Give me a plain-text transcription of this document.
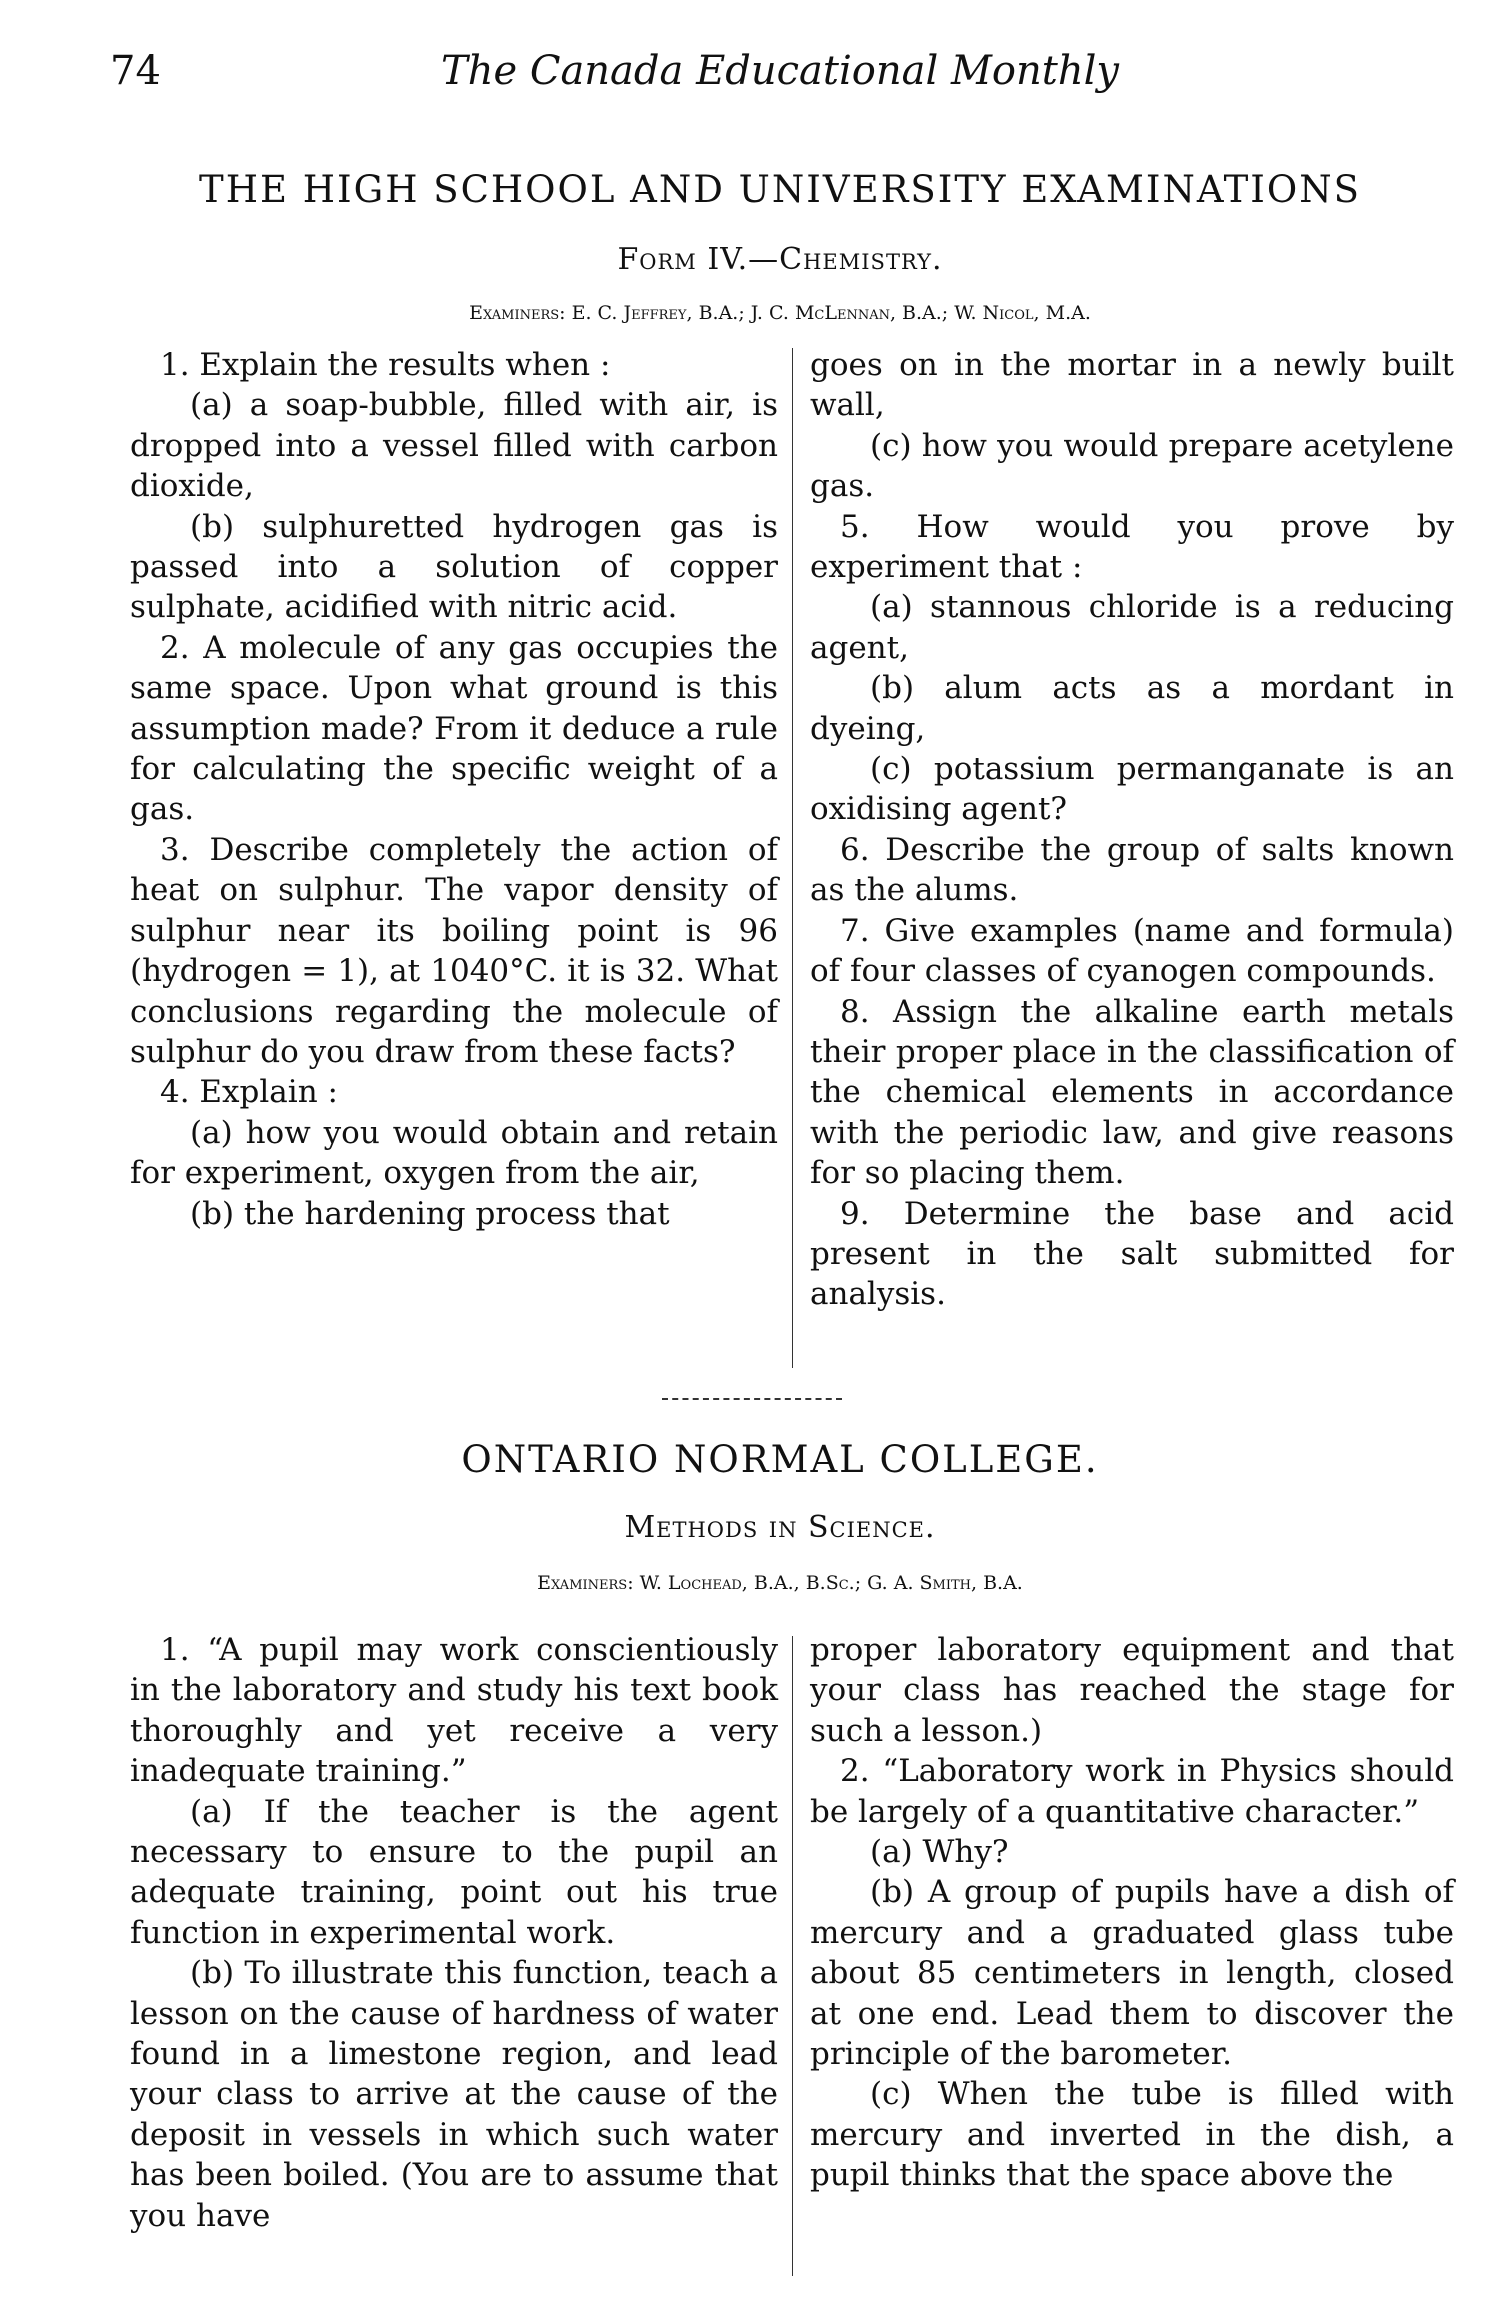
74	The Canada Educational Monthly
THE HIGH SCHOOL AND UNIVERSITY EXAMINATIONS
Form IV.—Chemistry.
Examiners: E. C. Jeffrey, B.A.; J. C. McLennan, B.A.; W. Nicol, M.A.

1. Explain the results when :

(a) a soap-bubble, filled with air, is dropped into a vessel filled with carbon dioxide,

(b) sulphuretted hydrogen gas is passed into a solution of copper sulphate, acidified with nitric acid.

2. A molecule of any gas occupies the same space. Upon what ground is this assumption made? From it deduce a rule for calculating the specific weight of a gas.

3. Describe completely the action of heat on sulphur. The vapor density of sulphur near its boiling point is 96 (hydrogen = 1), at 1040°C. it is 32. What conclusions regarding the molecule of sulphur do you draw from these facts?

4. Explain :

(a) how you would obtain and retain for experiment, oxygen from the air,

(b) the hardening process that

goes on in the mortar in a newly built wall,

(c) how you would prepare acetylene gas.

5. How would you prove by experiment that :

(a) stannous chloride is a reducing agent,

(b) alum acts as a mordant in dyeing,

(c) potassium permanganate is an oxidising agent?

6. Describe the group of salts known as the alums.

7. Give examples (name and formula) of four classes of cyanogen compounds.

8. Assign the alkaline earth metals their proper place in the classification of the chemical elements in accordance with the periodic law, and give reasons for so placing them.

9. Determine the base and acid present in the salt submitted for analysis.

ONTARIO NORMAL COLLEGE.
Methods in Science.
Examiners: W. Lochead, B.A., B.Sc.; G. A. Smith, B.A.

1. “A pupil may work conscientiously in the laboratory and study his text book thoroughly and yet receive a very inadequate training.”

(a) If the teacher is the agent necessary to ensure to the pupil an adequate training, point out his true function in experimental work.

(b) To illustrate this function, teach a lesson on the cause of hardness of water found in a limestone region, and lead your class to arrive at the cause of the deposit in vessels in which such water has been boiled. (You are to assume that you have

proper laboratory equipment and that your class has reached the stage for such a lesson.)

2. “Laboratory work in Physics should be largely of a quantitative character.”

(a) Why?

(b) A group of pupils have a dish of mercury and a graduated glass tube about 85 centimeters in length, closed at one end. Lead them to discover the principle of the barometer.

(c) When the tube is filled with mercury and inverted in the dish, a pupil thinks that the space above the
